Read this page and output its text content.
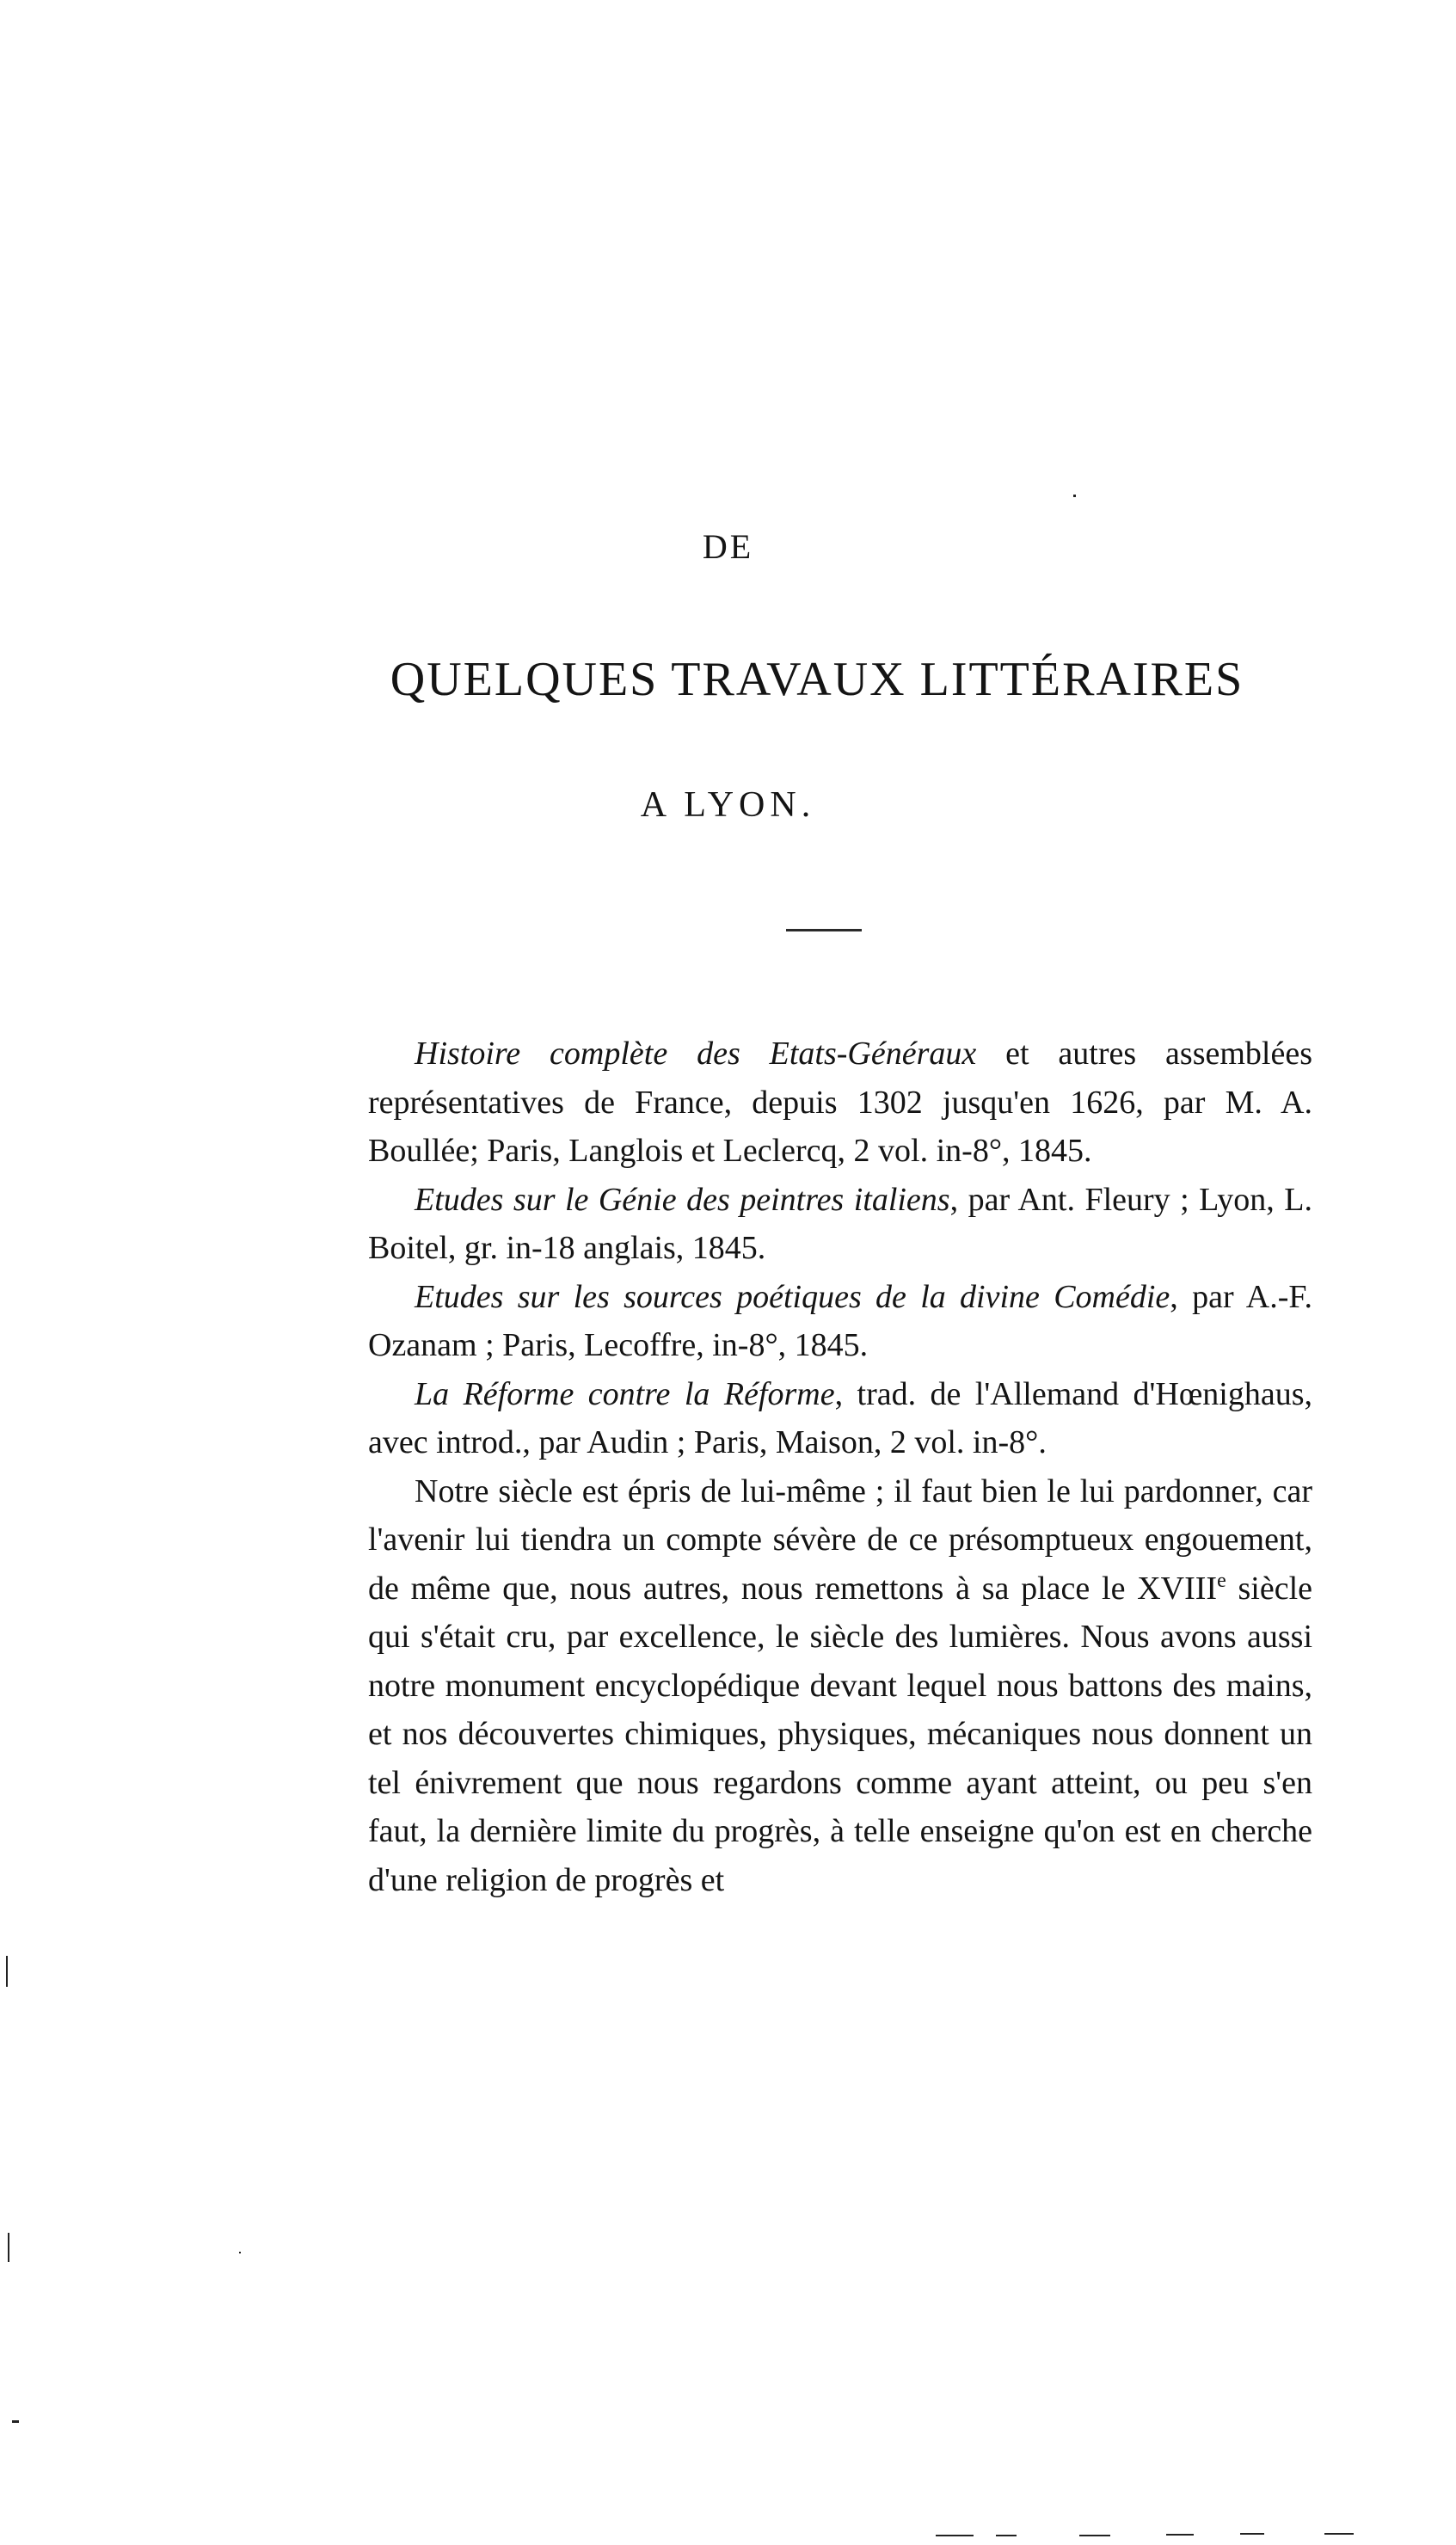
DE
QUELQUES TRAVAUX LITTÉRAIRES
A LYON.

Histoire complète des Etats-Généraux et autres assemblées représentatives de France, depuis 1302 jusqu'en 1626, par M. A. Boullée; Paris, Langlois et Leclercq, 2 vol. in-8°, 1845.

Etudes sur le Génie des peintres italiens, par Ant. Fleury ; Lyon, L. Boitel, gr. in-18 anglais, 1845.

Etudes sur les sources poétiques de la divine Comédie, par A.-F. Ozanam ; Paris, Lecoffre, in-8°, 1845.

La Réforme contre la Réforme, trad. de l'Allemand d'Hœnighaus, avec introd., par Audin ; Paris, Maison, 2 vol. in-8°.

Notre siècle est épris de lui-même ; il faut bien le lui pardonner, car l'avenir lui tiendra un compte sévère de ce présomptueux engouement, de même que, nous autres, nous remettons à sa place le XVIIIe siècle qui s'était cru, par excellence, le siècle des lumières. Nous avons aussi notre monument encyclopédique devant lequel nous battons des mains, et nos découvertes chimiques, physiques, mécaniques nous donnent un tel énivrement que nous regardons comme ayant atteint, ou peu s'en faut, la dernière limite du progrès, à telle enseigne qu'on est en cherche d'une religion de progrès et
